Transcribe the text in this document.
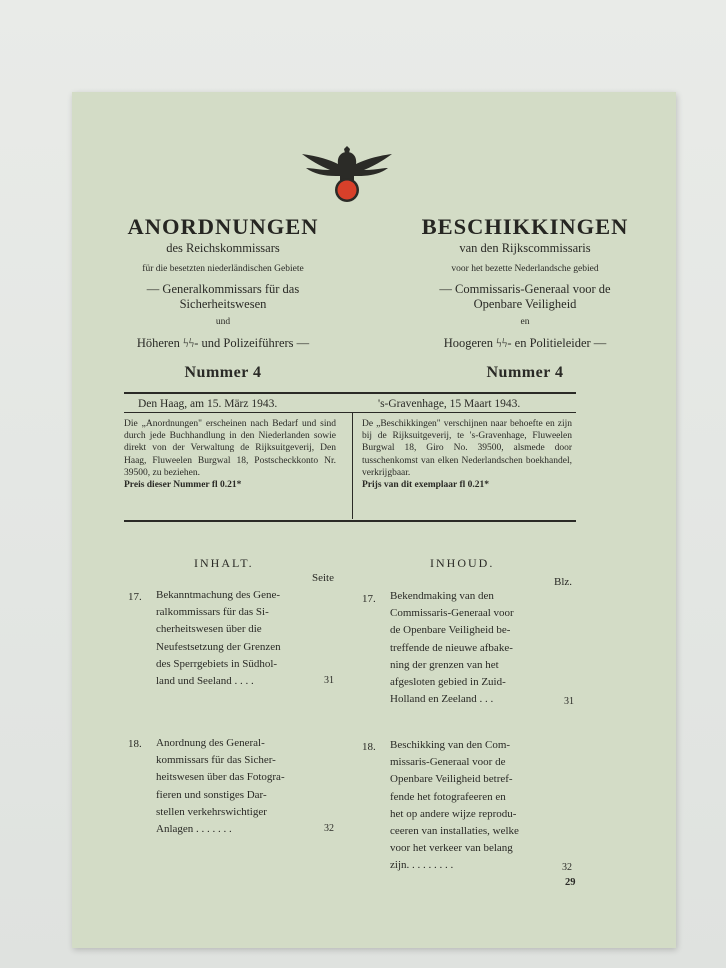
ANORDNUNGEN	BESCHIKKINGEN
des Reichskommissars	van den Rijkscommissaris
für die besetzten niederländischen Gebiete	voor het bezette Nederlandsche gebied
— Generalkommissars für das
Sicherheitswesen
— Commissaris-Generaal voor de
Openbare Veiligheid
und	en
Höheren ϟϟ- und Polizeiführers —	Hoogeren ϟϟ- en Politieleider —
Nummer 4	Nummer 4
Den Haag, am 15. März 1943.	's-Gravenhage, 15 Maart 1943.
Die „Anordnungen" erscheinen nach Bedarf und sind durch jede Buchhandlung in den Niederlanden sowie direkt von der Verwaltung de Rijksuitgeverij, Den Haag, Fluweelen Burgwal 18, Postscheckkonto Nr. 39500, zu beziehen.
Preis dieser Nummer fl 0.21*
De „Beschikkingen" verschijnen naar behoefte en zijn bij de Rijksuitgeverij, te 's-Gravenhage, Fluweelen Burgwal 18, Giro No. 39500, alsmede door tusschenkomst van elken Nederlandschen boekhandel, verkrijgbaar.
Prijs van dit exemplaar fl 0.21*
INHALT.	INHOUD.
Seite	Blz.
17. Bekanntmachung des Gene-
ralkommissars für das Si-
cherheitswesen über die
Neufestsetzung der Grenzen
des Sperrgebiets in Südhol-
land und Seeland . . . .	31
17. Bekendmaking van den
Commissaris-Generaal voor
de Openbare Veiligheid be-
treffende de nieuwe afbake-
ning der grenzen van het
afgesloten gebied in Zuid-
Holland en Zeeland . . .	31
18. Anordnung des General-
kommissars für das Sicher-
heitswesen über das Fotogra-
fieren und sonstiges Dar-
stellen verkehrswichtiger
Anlagen . . . . . . .	32
18. Beschikking van den Com-
missaris-Generaal voor de
Openbare Veiligheid betref-
fende het fotografeeren en
het op andere wijze reprodu-
ceeren van installaties, welke
voor het verkeer van belang
zijn. . . . . . . . .	32
29
